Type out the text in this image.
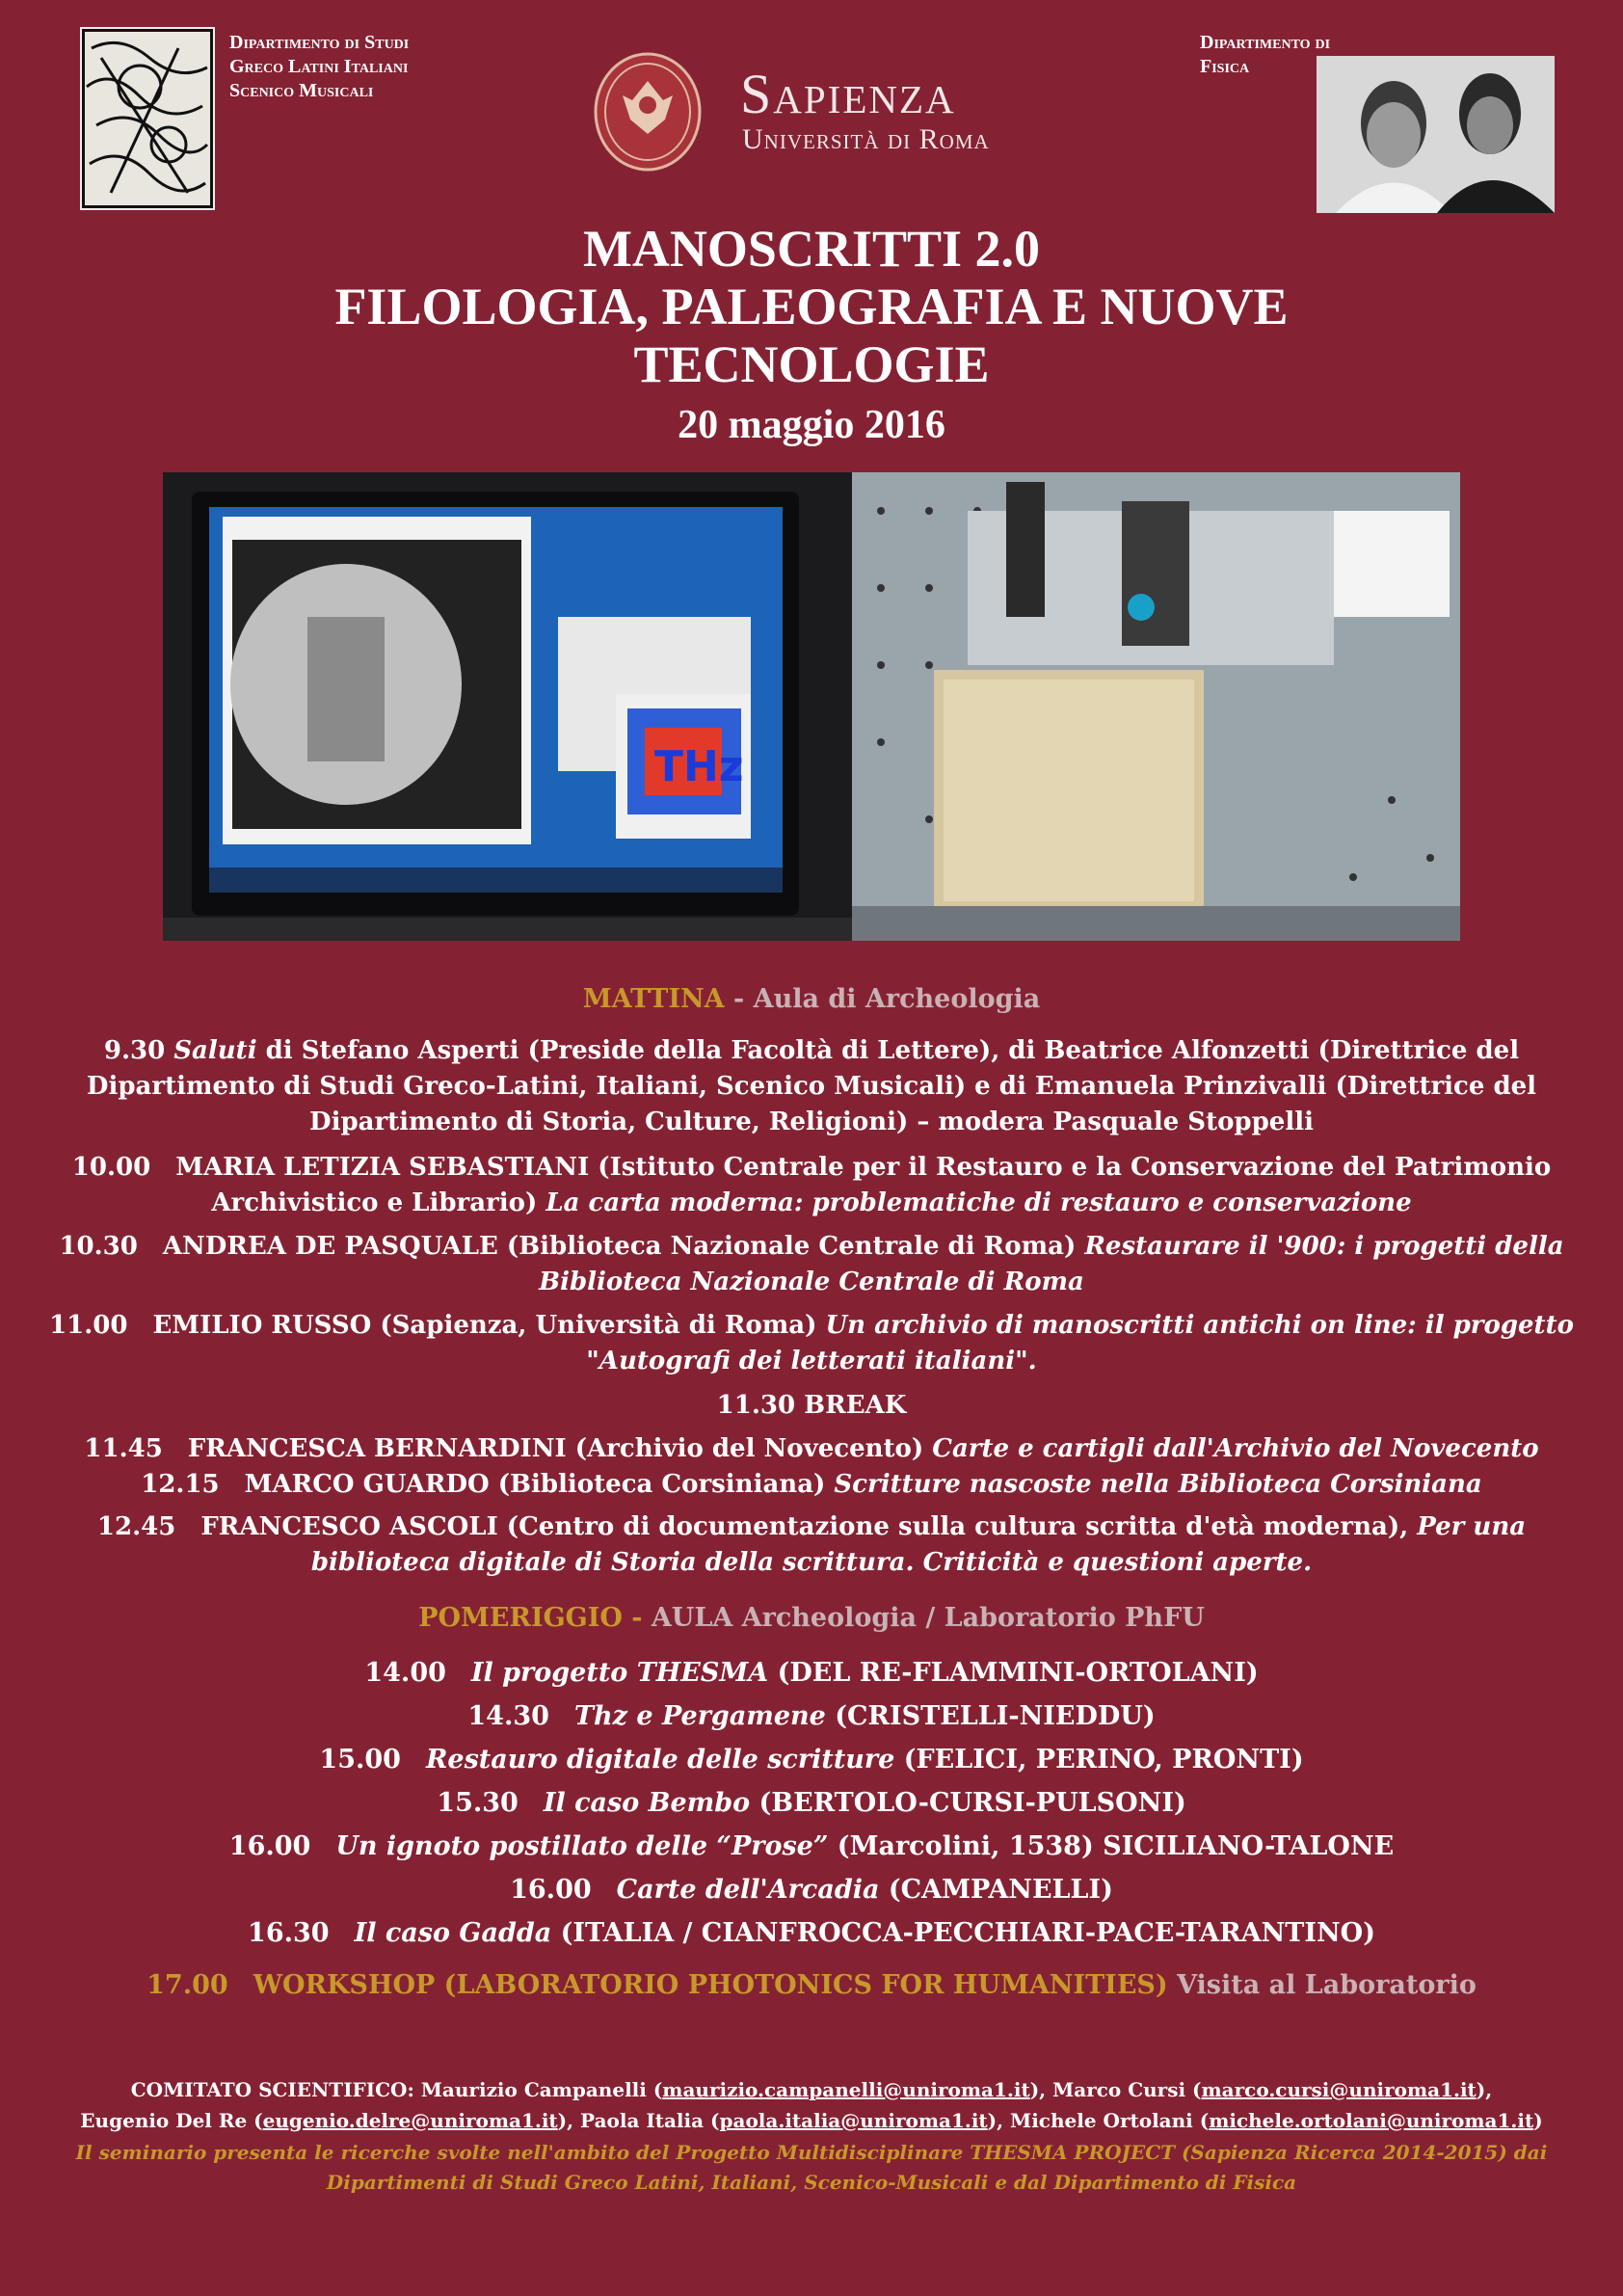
Dipartimento di Studi
Greco Latini Italiani
Scenico Musicali	Sapienza
Università di Roma
Dipartimento di
Fisica
MANOSCRITTI 2.0
FILOLOGIA, PALEOGRAFIA E NUOVE
TECNOLOGIE
20 maggio 2016
THz
MATTINA - Aula di Archeologia
9.30 Saluti di Stefano Asperti (Preside della Facoltà di Lettere), di Beatrice Alfonzetti (Direttrice del
Dipartimento di Studi Greco-Latini, Italiani, Scenico Musicali) e di Emanuela Prinzivalli (Direttrice del
Dipartimento di Storia, Culture, Religioni) – modera Pasquale Stoppelli
10.00 MARIA LETIZIA SEBASTIANI (Istituto Centrale per il Restauro e la Conservazione del Patrimonio
Archivistico e Librario) La carta moderna: problematiche di restauro e conservazione
10.30 ANDREA DE PASQUALE (Biblioteca Nazionale Centrale di Roma) Restaurare il '900: i progetti della
Biblioteca Nazionale Centrale di Roma
11.00 EMILIO RUSSO (Sapienza, Università di Roma) Un archivio di manoscritti antichi on line: il progetto
"Autografi dei letterati italiani".
11.30 BREAK
11.45 FRANCESCA BERNARDINI (Archivio del Novecento) Carte e cartigli dall'Archivio del Novecento
12.15 MARCO GUARDO (Biblioteca Corsiniana) Scritture nascoste nella Biblioteca Corsiniana
12.45 FRANCESCO ASCOLI (Centro di documentazione sulla cultura scritta d'età moderna), Per una
biblioteca digitale di Storia della scrittura. Criticità e questioni aperte.
POMERIGGIO - AULA Archeologia / Laboratorio PhFU
14.00 Il progetto THESMA (DEL RE-FLAMMINI-ORTOLANI)
14.30 Thz e Pergamene (CRISTELLI-NIEDDU)
15.00 Restauro digitale delle scritture (FELICI, PERINO, PRONTI)
15.30 Il caso Bembo (BERTOLO-CURSI-PULSONI)
16.00 Un ignoto postillato delle “Prose” (Marcolini, 1538) SICILIANO-TALONE
16.00 Carte dell'Arcadia (CAMPANELLI)
16.30 Il caso Gadda (ITALIA / CIANFROCCA-PECCHIARI-PACE-TARANTINO)
17.00 WORKSHOP (LABORATORIO PHOTONICS FOR HUMANITIES) Visita al Laboratorio
COMITATO SCIENTIFICO: Maurizio Campanelli (maurizio.campanelli@uniroma1.it), Marco Cursi (marco.cursi@uniroma1.it),
Eugenio Del Re (eugenio.delre@uniroma1.it), Paola Italia (paola.italia@uniroma1.it), Michele Ortolani (michele.ortolani@uniroma1.it)
Il seminario presenta le ricerche svolte nell'ambito del Progetto Multidisciplinare THESMA PROJECT (Sapienza Ricerca 2014-2015) dai
Dipartimenti di Studi Greco Latini, Italiani, Scenico-Musicali e dal Dipartimento di Fisica
